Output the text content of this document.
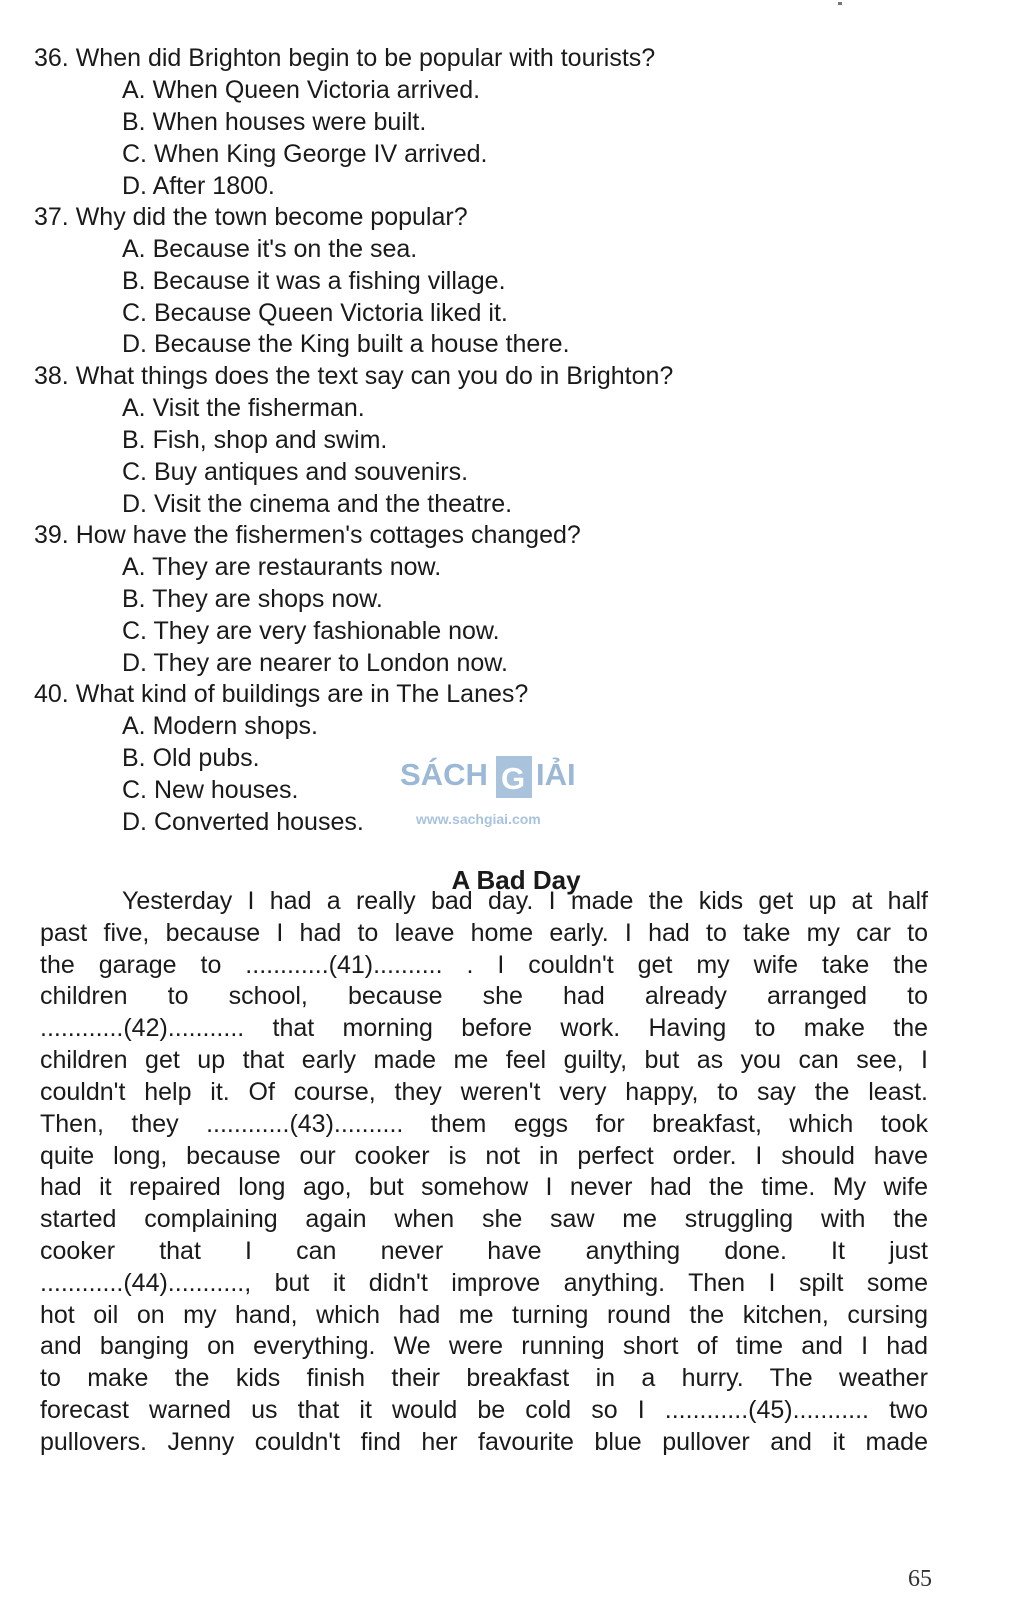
36. When did Brighton begin to be popular with tourists?
A. When Queen Victoria arrived.
B. When houses were built.
C. When King George IV arrived.
D. After 1800.
37. Why did the town become popular?
A. Because it's on the sea.
B. Because it was a fishing village.
C. Because Queen Victoria liked it.
D. Because the King built a house there.
38. What things does the text say can you do in Brighton?
A. Visit the fisherman.
B. Fish, shop and swim.
C. Buy antiques and souvenirs.
D. Visit the cinema and the theatre.
39. How have the fishermen's cottages changed?
A. They are restaurants now.
B. They are shops now.
C. They are very fashionable now.
D. They are nearer to London now.
40. What kind of buildings are in The Lanes?
A. Modern shops.
B. Old pubs.
C. New houses.
D. Converted houses.
SÁCH G IẢI
www.sachgiai.com
A Bad Day
Yesterday I had a really bad day. I made the kids get up at half
past five, because I had to leave home early. I had to take my car to
the garage to ............(41).......... . I couldn't get my wife take the
children to school, because she had already arranged to
............(42)........... that morning before work. Having to make the
children get up that early made me feel guilty, but as you can see, I
couldn't help it. Of course, they weren't very happy, to say the least.
Then, they ............(43).......... them eggs for breakfast, which took
quite long, because our cooker is not in perfect order. I should have
had it repaired long ago, but somehow I never had the time. My wife
started complaining again when she saw me struggling with the
cooker that I can never have anything done. It just
............(44)..........., but it didn't improve anything. Then I spilt some
hot oil on my hand, which had me turning round the kitchen, cursing
and banging on everything. We were running short of time and I had
to make the kids finish their breakfast in a hurry. The weather
forecast warned us that it would be cold so I ............(45)........... two
pullovers. Jenny couldn't find her favourite blue pullover and it made
65
